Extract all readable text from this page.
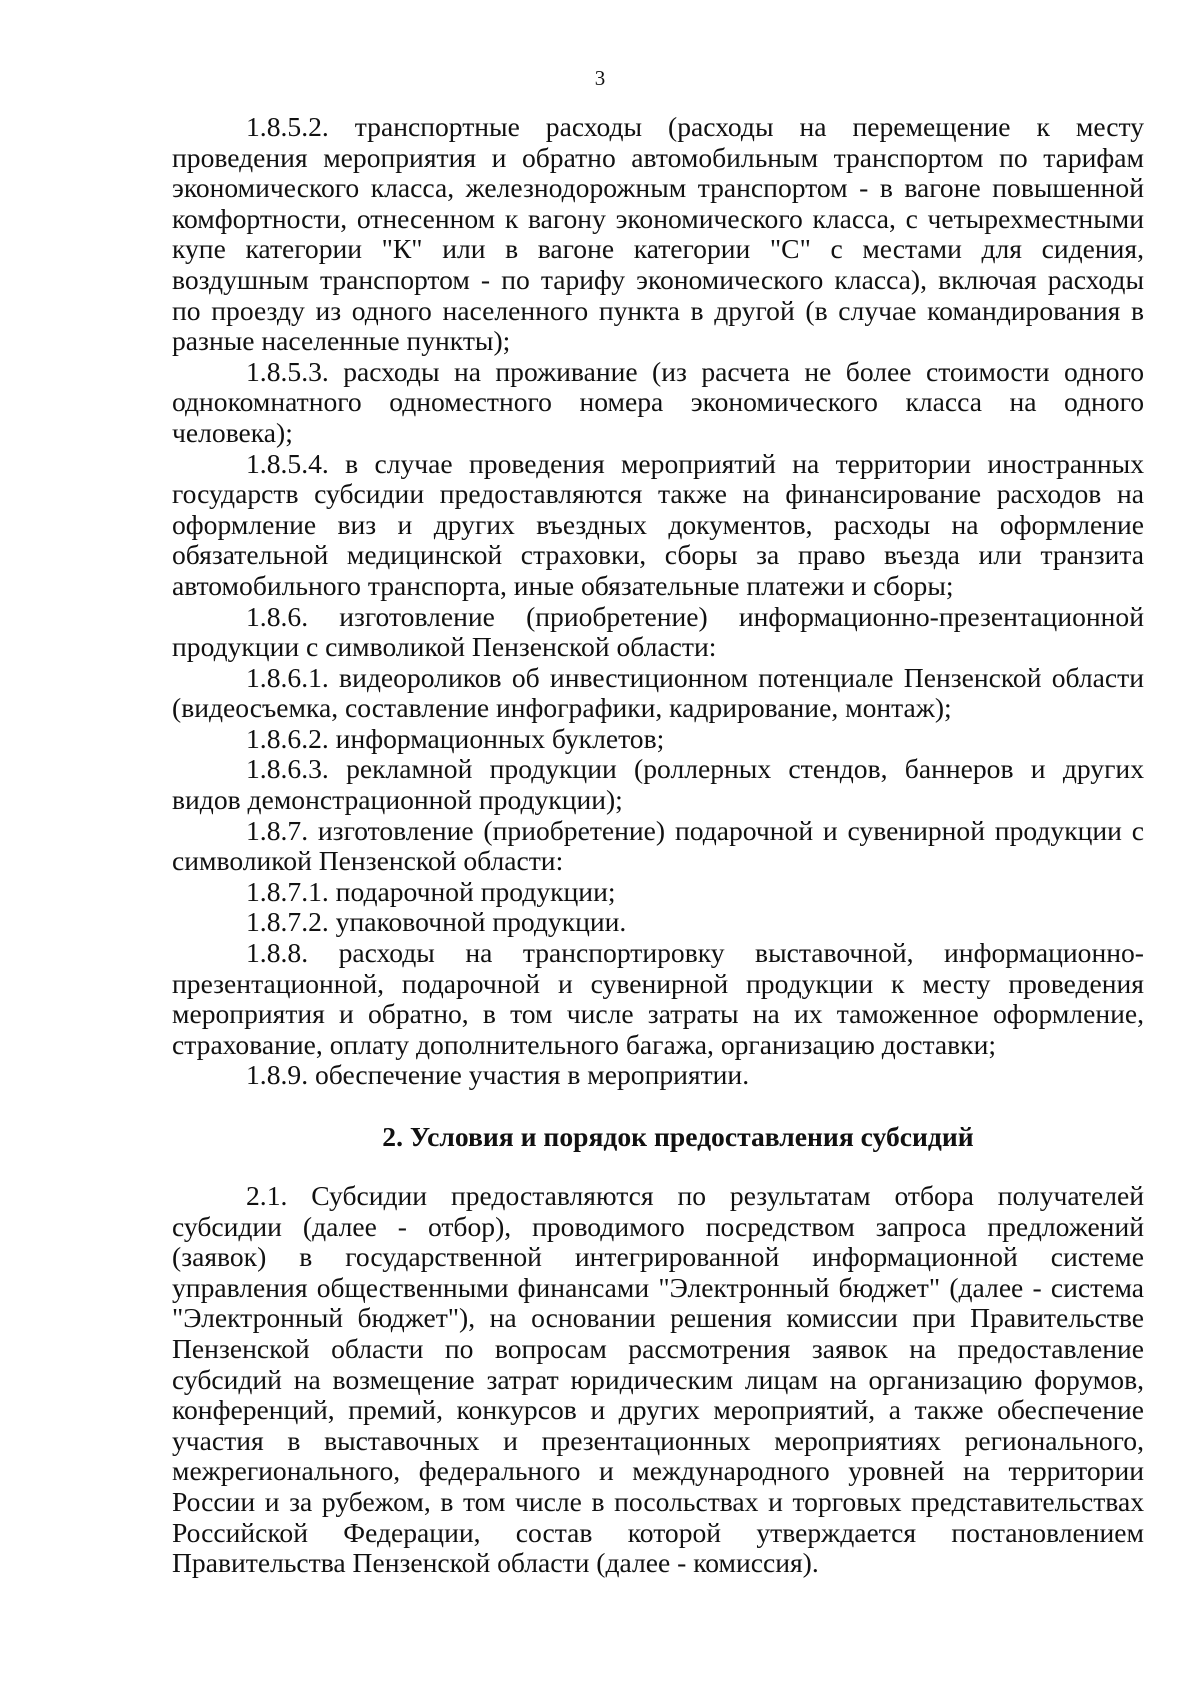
3

1.8.5.2. транспортные расходы (расходы на перемещение к месту проведения мероприятия и обратно автомобильным транспортом по тарифам экономического класса, железнодорожным транспортом - в вагоне повышенной комфортности, отнесенном к вагону экономического класса, с четырехместными купе категории "К" или в вагоне категории "С" с местами для сидения, воздушным транспортом - по тарифу экономического класса), включая расходы по проезду из одного населенного пункта в другой (в случае командирования в разные населенные пункты);

1.8.5.3. расходы на проживание (из расчета не более стоимости одного однокомнатного одноместного номера экономического класса на одного человека);

1.8.5.4. в случае проведения мероприятий на территории иностранных государств субсидии предоставляются также на финансирование расходов на оформление виз и других въездных документов, расходы на оформление обязательной медицинской страховки, сборы за право въезда или транзита автомобильного транспорта, иные обязательные платежи и сборы;

1.8.6. изготовление (приобретение) информационно-презентационной продукции с символикой Пензенской области:

1.8.6.1. видеороликов об инвестиционном потенциале Пензенской области (видеосъемка, составление инфографики, кадрирование, монтаж);

1.8.6.2. информационных буклетов;

1.8.6.3. рекламной продукции (роллерных стендов, баннеров и других видов демонстрационной продукции);

1.8.7. изготовление (приобретение) подарочной и сувенирной продукции с символикой Пензенской области:

1.8.7.1. подарочной продукции;

1.8.7.2. упаковочной продукции.

1.8.8. расходы на транспортировку выставочной, информационно-презентационной, подарочной и сувенирной продукции к месту проведения мероприятия и обратно, в том числе затраты на их таможенное оформление, страхование, оплату дополнительного багажа, организацию доставки;

1.8.9. обеспечение участия в мероприятии.

2. Условия и порядок предоставления субсидий

2.1. Субсидии предоставляются по результатам отбора получателей субсидии (далее - отбор), проводимого посредством запроса предложений (заявок) в государственной интегрированной информационной системе управления общественными финансами "Электронный бюджет" (далее - система "Электронный бюджет"), на основании решения комиссии при Правительстве Пензенской области по вопросам рассмотрения заявок на предоставление субсидий на возмещение затрат юридическим лицам на организацию форумов, конференций, премий, конкурсов и других мероприятий, а также обеспечение участия в выставочных и презентационных мероприятиях регионального, межрегионального, федерального и международного уровней на территории России и за рубежом, в том числе в посольствах и торговых представительствах Российской Федерации, состав которой утверждается постановлением Правительства Пензенской области (далее - комиссия).
